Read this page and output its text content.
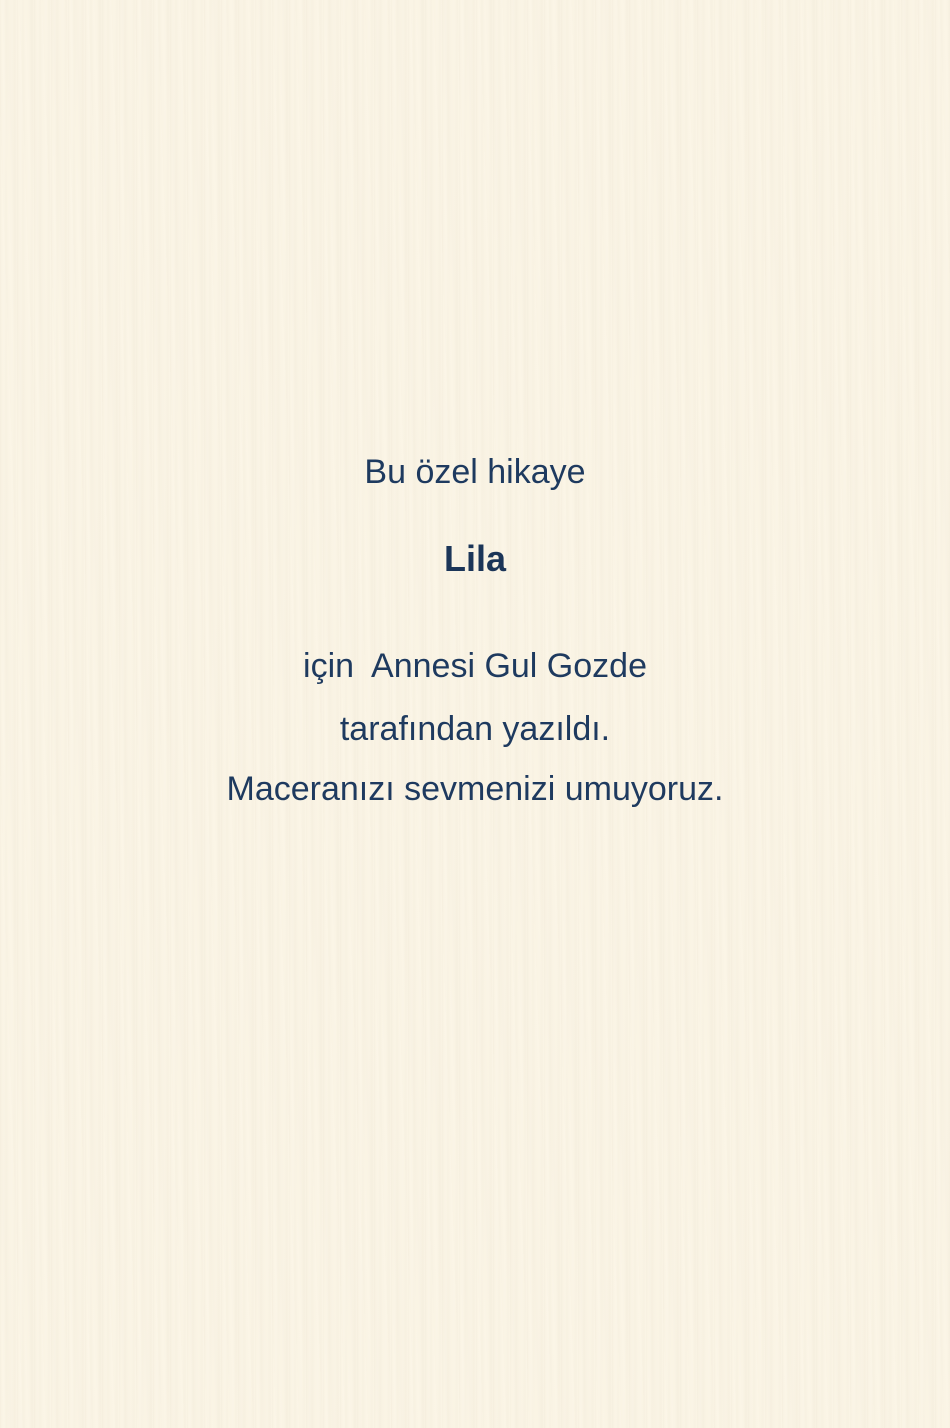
Bu özel hikaye

Lila

için  Annesi Gul Gozde

tarafından yazıldı.

Maceranızı sevmenizi umuyoruz.
